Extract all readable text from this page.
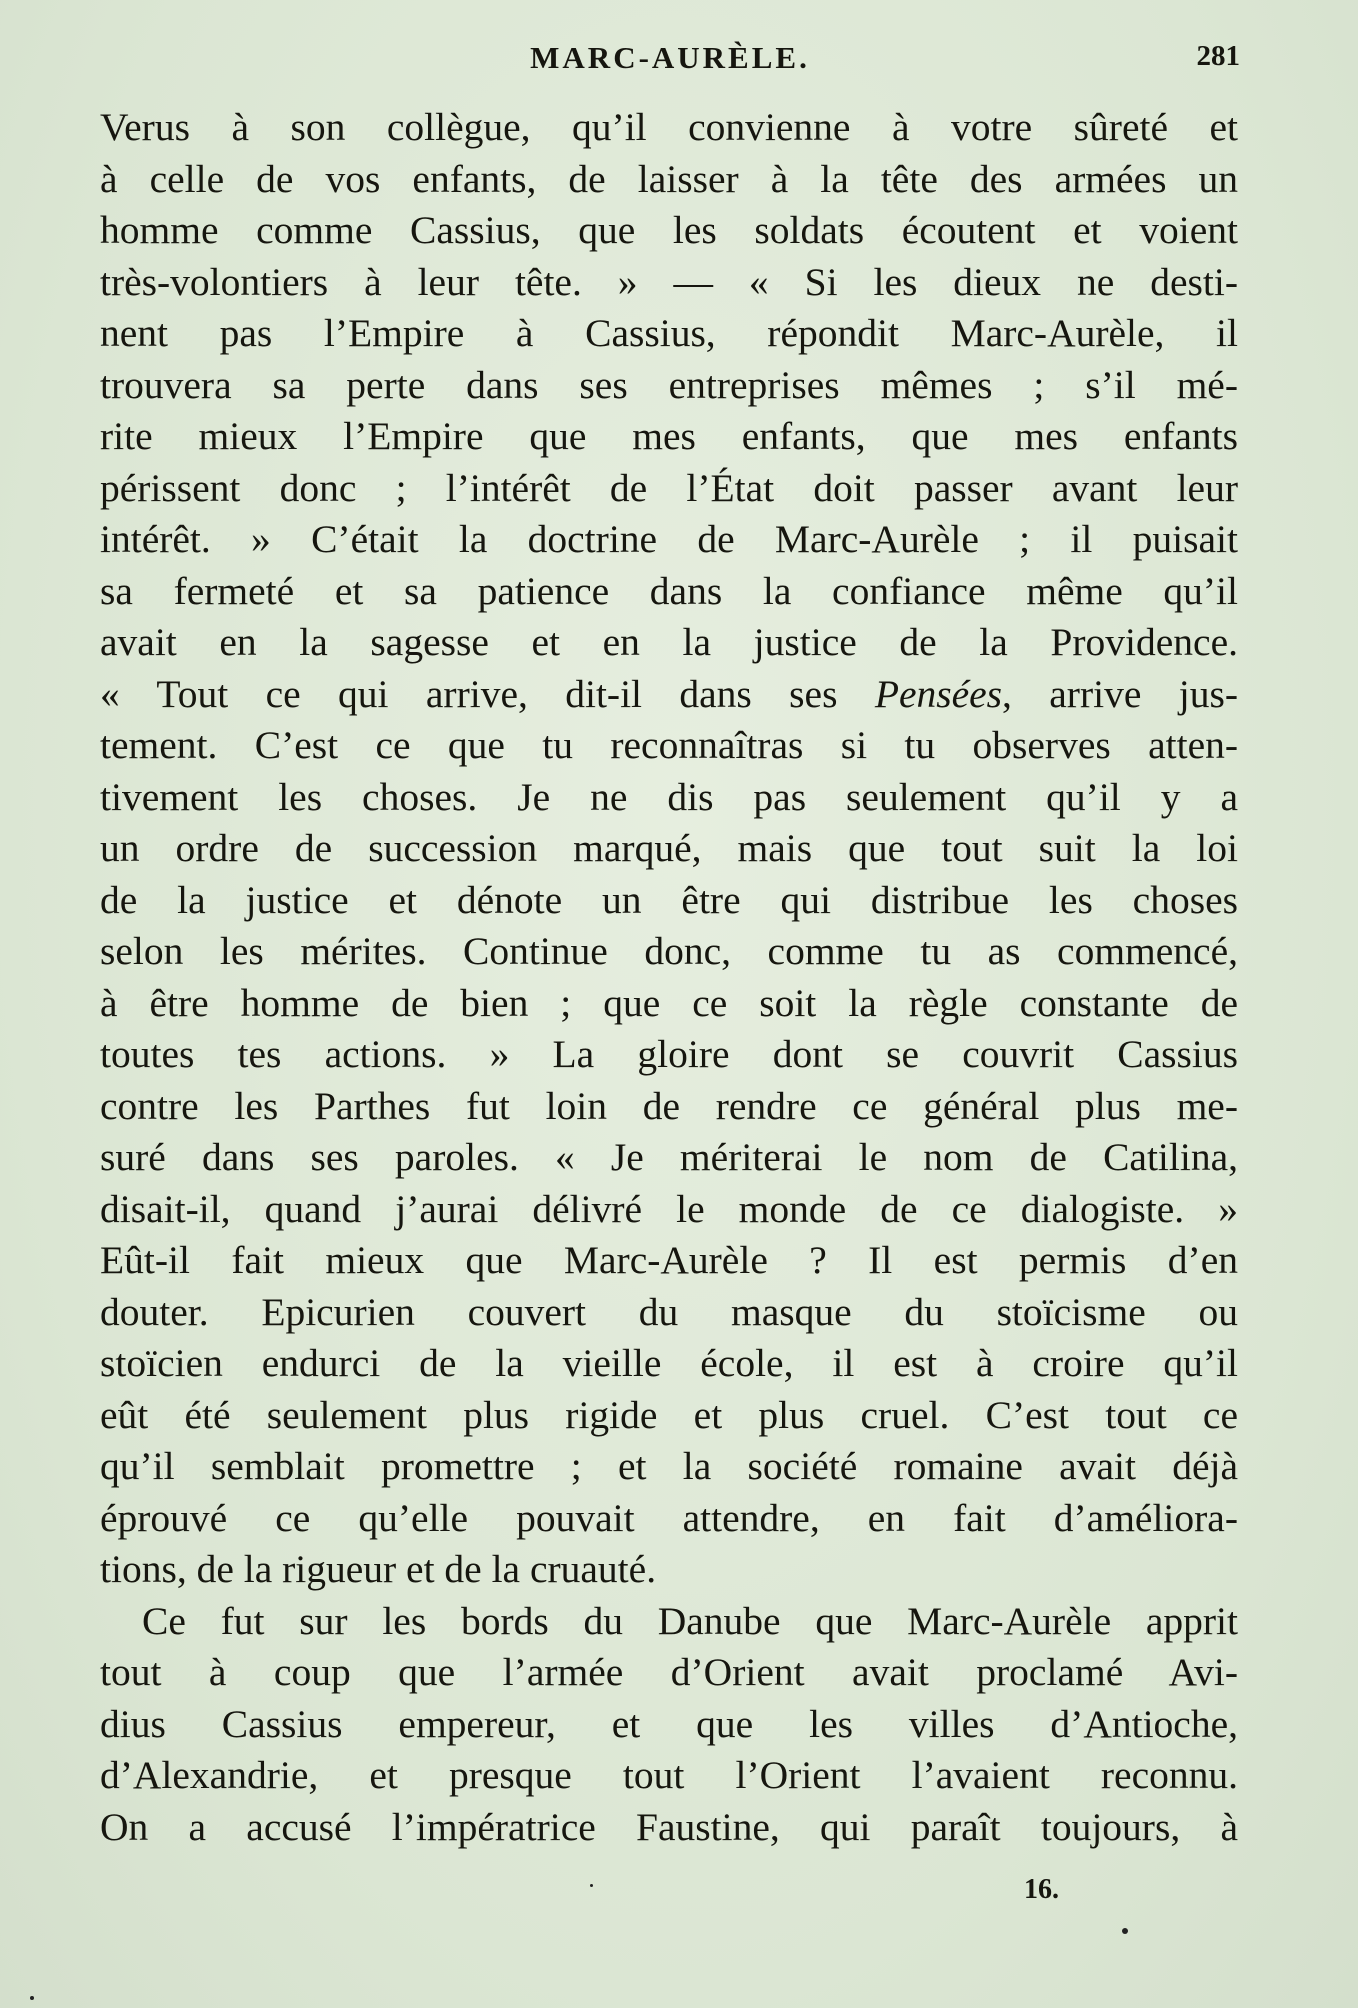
MARC-AURÈLE.	281
Verus à son collègue, qu’il convienne à votre sûreté et
à celle de vos enfants, de laisser à la tête des armées un
homme comme Cassius, que les soldats écoutent et voient
très-volontiers à leur tête. » — « Si les dieux ne desti-
nent pas l’Empire à Cassius, répondit Marc-Aurèle, il
trouvera sa perte dans ses entreprises mêmes ; s’il mé-
rite mieux l’Empire que mes enfants, que mes enfants
périssent donc ; l’intérêt de l’État doit passer avant leur
intérêt. » C’était la doctrine de Marc-Aurèle ; il puisait
sa fermeté et sa patience dans la confiance même qu’il
avait en la sagesse et en la justice de la Providence.
« Tout ce qui arrive, dit-il dans ses Pensées, arrive jus-
tement. C’est ce que tu reconnaîtras si tu observes atten-
tivement les choses. Je ne dis pas seulement qu’il y a
un ordre de succession marqué, mais que tout suit la loi
de la justice et dénote un être qui distribue les choses
selon les mérites. Continue donc, comme tu as commencé,
à être homme de bien ; que ce soit la règle constante de
toutes tes actions. » La gloire dont se couvrit Cassius
contre les Parthes fut loin de rendre ce général plus me-
suré dans ses paroles. « Je mériterai le nom de Catilina,
disait-il, quand j’aurai délivré le monde de ce dialogiste. »
Eût-il fait mieux que Marc-Aurèle ? Il est permis d’en
douter. Epicurien couvert du masque du stoïcisme ou
stoïcien endurci de la vieille école, il est à croire qu’il
eût été seulement plus rigide et plus cruel. C’est tout ce
qu’il semblait promettre ; et la société romaine avait déjà
éprouvé ce qu’elle pouvait attendre, en fait d’améliora-
tions, de la rigueur et de la cruauté.
Ce fut sur les bords du Danube que Marc-Aurèle apprit
tout à coup que l’armée d’Orient avait proclamé Avi-
dius Cassius empereur, et que les villes d’Antioche,
d’Alexandrie, et presque tout l’Orient l’avaient reconnu.
On a accusé l’impératrice Faustine, qui paraît toujours, à
16.
